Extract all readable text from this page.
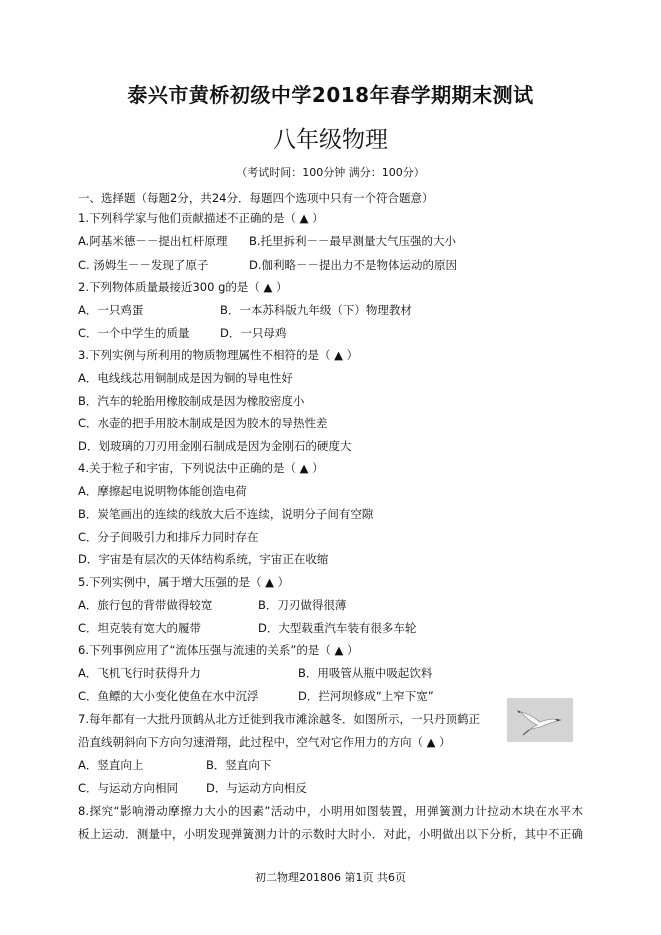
泰兴市黄桥初级中学2018年春学期期末测试
八年级物理
（考试时间：100分钟 满分：100分）
一、选择题（每题2分，共24分．每题四个选项中只有一个符合题意）
1.下列科学家与他们贡献描述不正确的是（ ▲ ）
A.阿基米德－－提出杠杆原理 B.托里拆利－－最早测量大气压强的大小
C. 汤姆生－－发现了原子	D.伽利略－－提出力不是物体运动的原因
2.下列物体质量最接近300 g的是（ ▲ ）
A．一只鸡蛋	B．一本苏科版九年级（下）物理教材
C．一个中学生的质量	D．一只母鸡
3.下列实例与所利用的物质物理属性不相符的是（ ▲ ）
A．电线线芯用铜制成是因为铜的导电性好
B．汽车的轮胎用橡胶制成是因为橡胶密度小
C．水壶的把手用胶木制成是因为胶木的导热性差
D．划玻璃的刀刃用金刚石制成是因为金刚石的硬度大
4.关于粒子和宇宙，下列说法中正确的是（ ▲ ）
A．摩擦起电说明物体能创造电荷
B．炭笔画出的连续的线放大后不连续，说明分子间有空隙
C．分子间吸引力和排斥力同时存在
D．宇宙是有层次的天体结构系统，宇宙正在收缩
5.下列实例中，属于增大压强的是（ ▲ ）
A．旅行包的背带做得较宽	B．刀刃做得很薄
C．坦克装有宽大的履带	D．大型载重汽车装有很多车轮
6.下列事例应用了“流体压强与流速的关系”的是（ ▲ ）
A．飞机飞行时获得升力	B．用吸管从瓶中吸起饮料
C．鱼鳔的大小变化使鱼在水中沉浮	D．拦河坝修成“上窄下宽”
7.每年都有一大批丹顶鹤从北方迁徙到我市滩涂越冬．如图所示，一只丹顶鹤正
沿直线朝斜向下方向匀速滑翔，此过程中，空气对它作用力的方向（ ▲ ）
A．竖直向上	B．竖直向下
C．与运动方向相同 D．与运动方向相反
8.探究“影响滑动摩擦力大小的因素”活动中，小明用如图装置，用弹簧测力计拉动木块在水平木
板上运动．测量中，小明发现弹簧测力计的示数时大时小．对此，小明做出以下分析，其中不正确
初二物理201806 第1页 共6页
